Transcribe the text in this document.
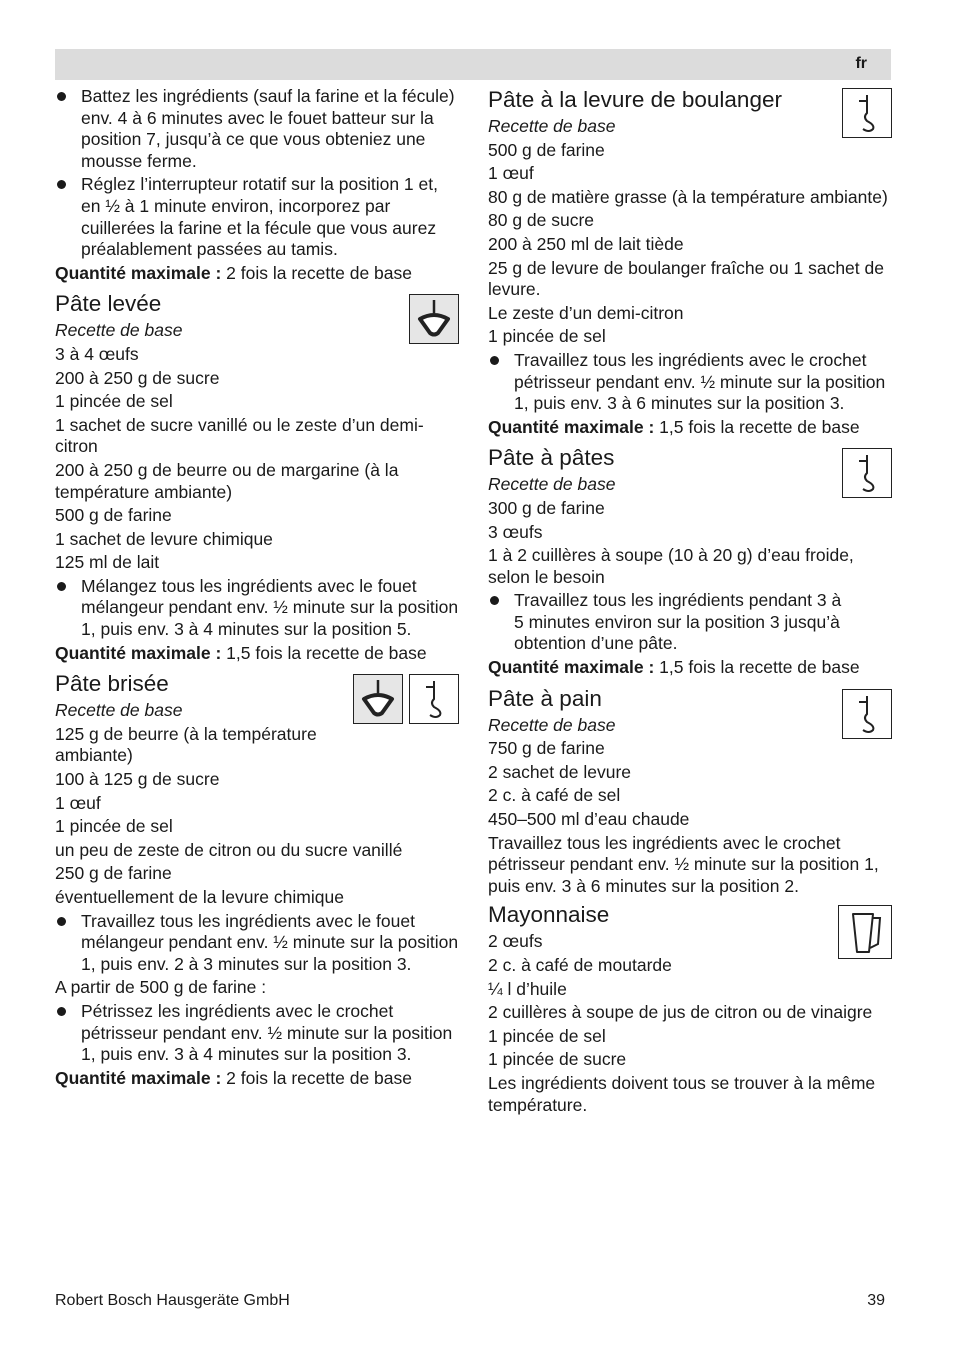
fr

Battez les ingrédients (sauf la farine et la fécule) env. 4 à 6 minutes avec le fouet batteur sur la position 7, jusqu’à ce que vous obteniez une mousse ferme.

Réglez l’interrupteur rotatif sur la position 1 et, en ½ à 1 minute environ, incorporez par cuillerées la farine et la fécule que vous aurez préalablement passées au tamis.

Quantité maximale : 2 fois la recette de base

Pâte levée

Recette de base

3 à 4 œufs

200 à 250 g de sucre

1 pincée de sel

1 sachet de sucre vanillé ou le zeste d’un demi-citron

200 à 250 g de beurre ou de margarine (à la température ambiante)

500 g de farine

1 sachet de levure chimique

125 ml de lait

Mélangez tous les ingrédients avec le fouet mélangeur pendant env. ½ minute sur la position 1, puis env. 3 à 4 minutes sur la position 5.

Quantité maximale : 1,5 fois la recette de base

Pâte brisée

Recette de base

125 g de beurre (à la température ambiante)

100 à 125 g de sucre

1 œuf

1 pincée de sel

un peu de zeste de citron ou du sucre vanillé

250 g de farine

éventuellement de la levure chimique

Travaillez tous les ingrédients avec le fouet mélangeur pendant env. ½ minute sur la position 1, puis env. 2 à 3 minutes sur la position 3.

A partir de 500 g de farine :

Pétrissez les ingrédients avec le crochet pétrisseur pendant env. ½ minute sur la position 1, puis env. 3 à 4 minutes sur la position 3.

Quantité maximale : 2 fois la recette de base

Pâte à la levure de boulanger

Recette de base

500 g de farine

1 œuf

80 g de matière grasse (à la température ambiante)

80 g de sucre

200 à 250 ml de lait tiède

25 g de levure de boulanger fraîche ou 1 sachet de levure.

Le zeste d’un demi-citron

1 pincée de sel

Travaillez tous les ingrédients avec le crochet pétrisseur pendant env. ½ minute sur la position 1, puis env. 3 à 6 minutes sur la position 3.

Quantité maximale : 1,5 fois la recette de base

Pâte à pâtes

Recette de base

300 g de farine

3 œufs

1 à 2 cuillères à soupe (10 à 20 g) d’eau froide, selon le besoin

Travaillez tous les ingrédients pendant 3 à 5 minutes environ sur la position 3 jusqu’à obtention d’une pâte.

Quantité maximale : 1,5 fois la recette de base

Pâte à pain

Recette de base

750 g de farine

2 sachet de levure

2 c. à café de sel

450–500 ml d’eau chaude

Travaillez tous les ingrédients avec le crochet pétrisseur pendant env. ½ minute sur la position 1, puis env. 3 à 6 minutes sur la position 2.

Mayonnaise

2 œufs

2 c. à café de moutarde

¼ l d’huile

2 cuillères à soupe de jus de citron ou de vinaigre

1 pincée de sel

1 pincée de sucre

Les ingrédients doivent tous se trouver à la même température.

Robert Bosch Hausgeräte GmbH	39
